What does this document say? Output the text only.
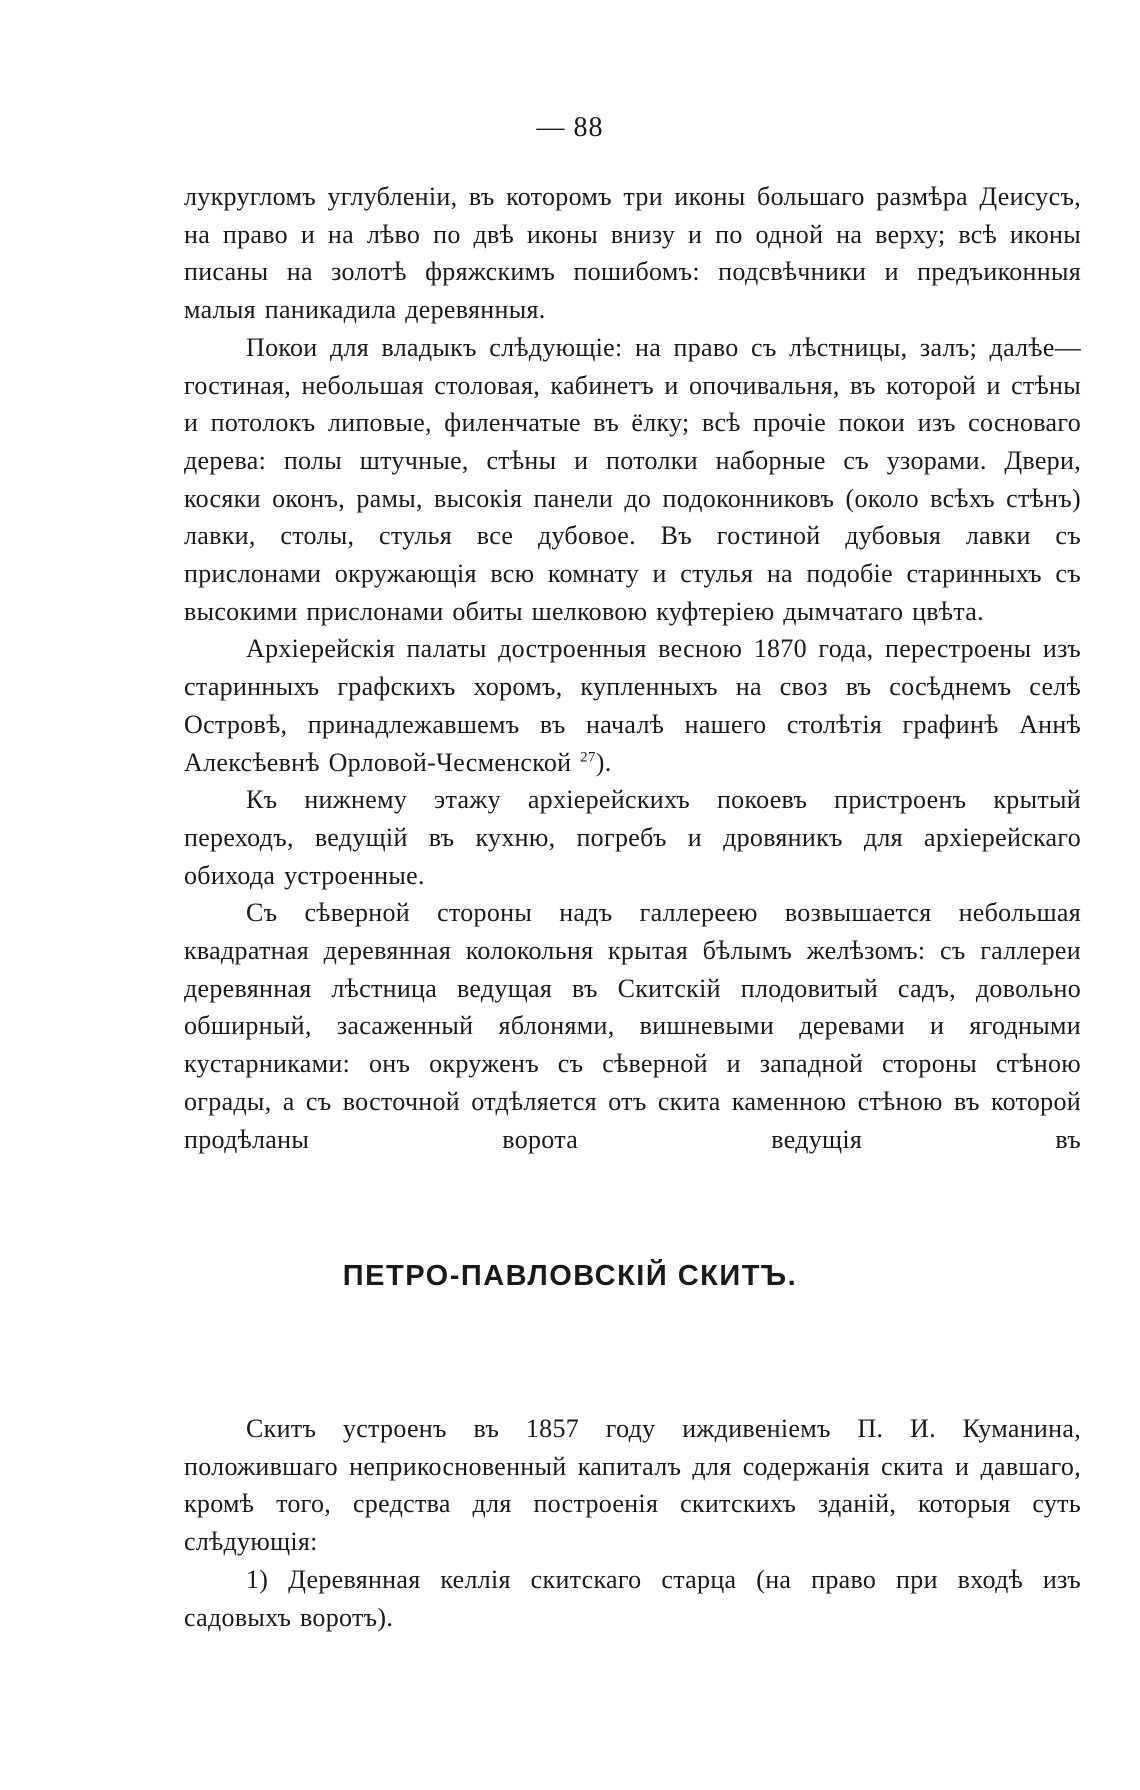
— 88

лукругломъ углубленіи, въ которомъ три иконы большаго размѣра Деисусъ, на право и на лѣво по двѣ иконы внизу и по одной на верху; всѣ иконы писаны на золотѣ фряжскимъ пошибомъ: подсвѣчники и предъиконныя малыя паникадила деревянныя.

Покои для владыкъ слѣдующіе: на право съ лѣстницы, залъ; далѣе—гостиная, небольшая столовая, кабинетъ и опочивальня, въ которой и стѣны и потолокъ липовые, филенчатые въ ёлку; всѣ прочіе покои изъ сосноваго дерева: полы штучные, стѣны и потолки наборные съ узорами. Двери, косяки оконъ, рамы, высокія панели до подоконниковъ (около всѣхъ стѣнъ) лавки, столы, стулья все дубовое. Въ гостиной дубовыя лавки съ прислонами окружающія всю комнату и стулья на подобіе старинныхъ съ высокими прислонами обиты шелковою куфтеріею дымчатаго цвѣта.

Архіерейскія палаты достроенныя весною 1870 года, перестроены изъ старинныхъ графскихъ хоромъ, купленныхъ на своз въ сосѣднемъ селѣ Островѣ, принадлежавшемъ въ началѣ нашего столѣтія графинѣ Аннѣ Алексѣевнѣ Орловой-Чесменской $^{27}$).

Къ нижнему этажу архіерейскихъ покоевъ пристроенъ крытый переходъ, ведущій въ кухню, погребъ и дровяникъ для архіерейскаго обихода устроенные.

Съ сѣверной стороны надъ галлереею возвышается небольшая квадратная деревянная колокольня крытая бѣлымъ желѣзомъ: съ галлереи деревянная лѣстница ведущая въ Скитскій плодовитый садъ, довольно обширный, засаженный яблонями, вишневыми деревами и ягодными кустарниками: онъ окруженъ съ сѣверной и западной стороны стѣною ограды, а съ восточной отдѣляется отъ скита каменною стѣною въ которой продѣланы ворота ведущія въ

ПЕТРО-ПАВЛОВСКІЙ СКИТЪ.

Скитъ устроенъ въ 1857 году иждивеніемъ П. И. Куманина, положившаго неприкосновенный капиталъ для содержанія скита и давшаго, кромѣ того, средства для построенія скитскихъ зданій, которыя суть слѣдующія:

1) Деревянная келлія скитскаго старца (на право при входѣ изъ садовыхъ воротъ).
